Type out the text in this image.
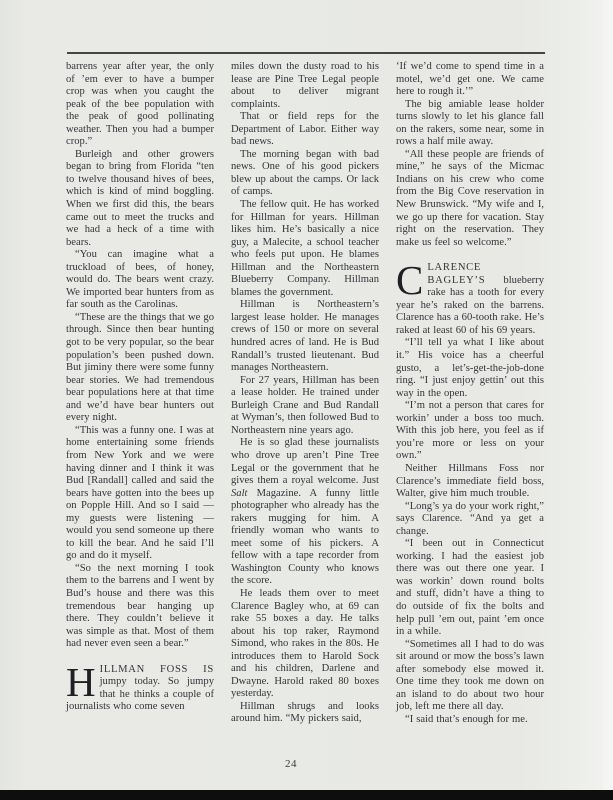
barrens year after year, the only of ’em ever to have a bumper crop was when you caught the peak of the bee population with the peak of good pollinating weather. Then you had a bumper crop.”

Burleigh and other growers began to bring from Florida “ten to twelve thousand hives of bees, which is kind of mind boggling. When we first did this, the bears came out to meet the trucks and we had a heck of a time with bears.

“You can imagine what a truckload of bees, of honey, would do. The bears went crazy. We imported bear hunters from as far south as the Carolinas.

“These are the things that we go through. Since then bear hunting got to be very popular, so the bear population’s been pushed down. But jiminy there were some funny bear stories. We had tremendous bear populations here at that time and we’d have bear hunters out every night.

“This was a funny one. I was at home entertaining some friends from New York and we were having dinner and I think it was Bud [Randall] called and said the bears have gotten into the bees up on Popple Hill. And so I said — my guests were listening — would you send someone up there to kill the bear. And he said I’ll go and do it myself.

“So the next morning I took them to the barrens and I went by Bud’s house and there was this tremendous bear hanging up there. They couldn’t believe it was simple as that. Most of them had never even seen a bear.”

HILLMAN FOSS IS jumpy today. So jumpy that he thinks a couple of journalists who come seven

miles down the dusty road to his lease are Pine Tree Legal people about to deliver migrant complaints.

That or field reps for the Department of Labor. Either way bad news.

The morning began with bad news. One of his good pickers blew up about the camps. Or lack of camps.

The fellow quit. He has worked for Hillman for years. Hillman likes him. He’s basically a nice guy, a Malecite, a school teacher who feels put upon. He blames Hillman and the Northeastern Blueberry Company. Hillman blames the government.

Hillman is Northeastern’s largest lease holder. He manages crews of 150 or more on several hundred acres of land. He is Bud Randall’s trusted lieutenant. Bud manages Northeastern.

For 27 years, Hillman has been a lease holder. He trained under Burleigh Crane and Bud Randall at Wyman’s, then followed Bud to Northeastern nine years ago.

He is so glad these journalists who drove up aren’t Pine Tree Legal or the government that he gives them a royal welcome. Just Salt Magazine. A funny little photographer who already has the rakers mugging for him. A friendly woman who wants to meet some of his pickers. A fellow with a tape recorder from Washington County who knows the score.

He leads them over to meet Clarence Bagley who, at 69 can rake 55 boxes a day. He talks about his top raker, Raymond Simond, who rakes in the 80s. He introduces them to Harold Sock and his children, Darlene and Dwayne. Harold raked 80 boxes yesterday.

Hillman shrugs and looks around him. “My pickers said,

‘If we’d come to spend time in a motel, we’d get one. We came here to rough it.’”

The big amiable lease holder turns slowly to let his glance fall on the rakers, some near, some in rows a half mile away.

“All these people are friends of mine,” he says of the Micmac Indians on his crew who come from the Big Cove reservation in New Brunswick. “My wife and I, we go up there for vacation. Stay right on the reservation. They make us feel so welcome.”

CLARENCE BAGLEY’S blueberry rake has a tooth for every year he’s raked on the barrens. Clarence has a 60-tooth rake. He’s raked at least 60 of his 69 years.

“I’ll tell ya what I like about it.” His voice has a cheerful gusto, a let’s-get-the-job-done ring. “I just enjoy gettin’ out this way in the open.

“I’m not a person that cares for workin’ under a boss too much. With this job here, you feel as if you’re more or less on your own.”

Neither Hillmans Foss nor Clarence’s immediate field boss, Walter, give him much trouble.

“Long’s ya do your work right,” says Clarence. “And ya get a change.

“I been out in Connecticut working. I had the easiest job there was out there one year. I was workin’ down round bolts and stuff, didn’t have a thing to do outside of fix the bolts and help pull ’em out, paint ’em once in a while.

“Sometimes all I had to do was sit around or mow the boss’s lawn after somebody else mowed it. One time they took me down on an island to do about two hour job, left me there all day.

“I said that’s enough for me.

24
